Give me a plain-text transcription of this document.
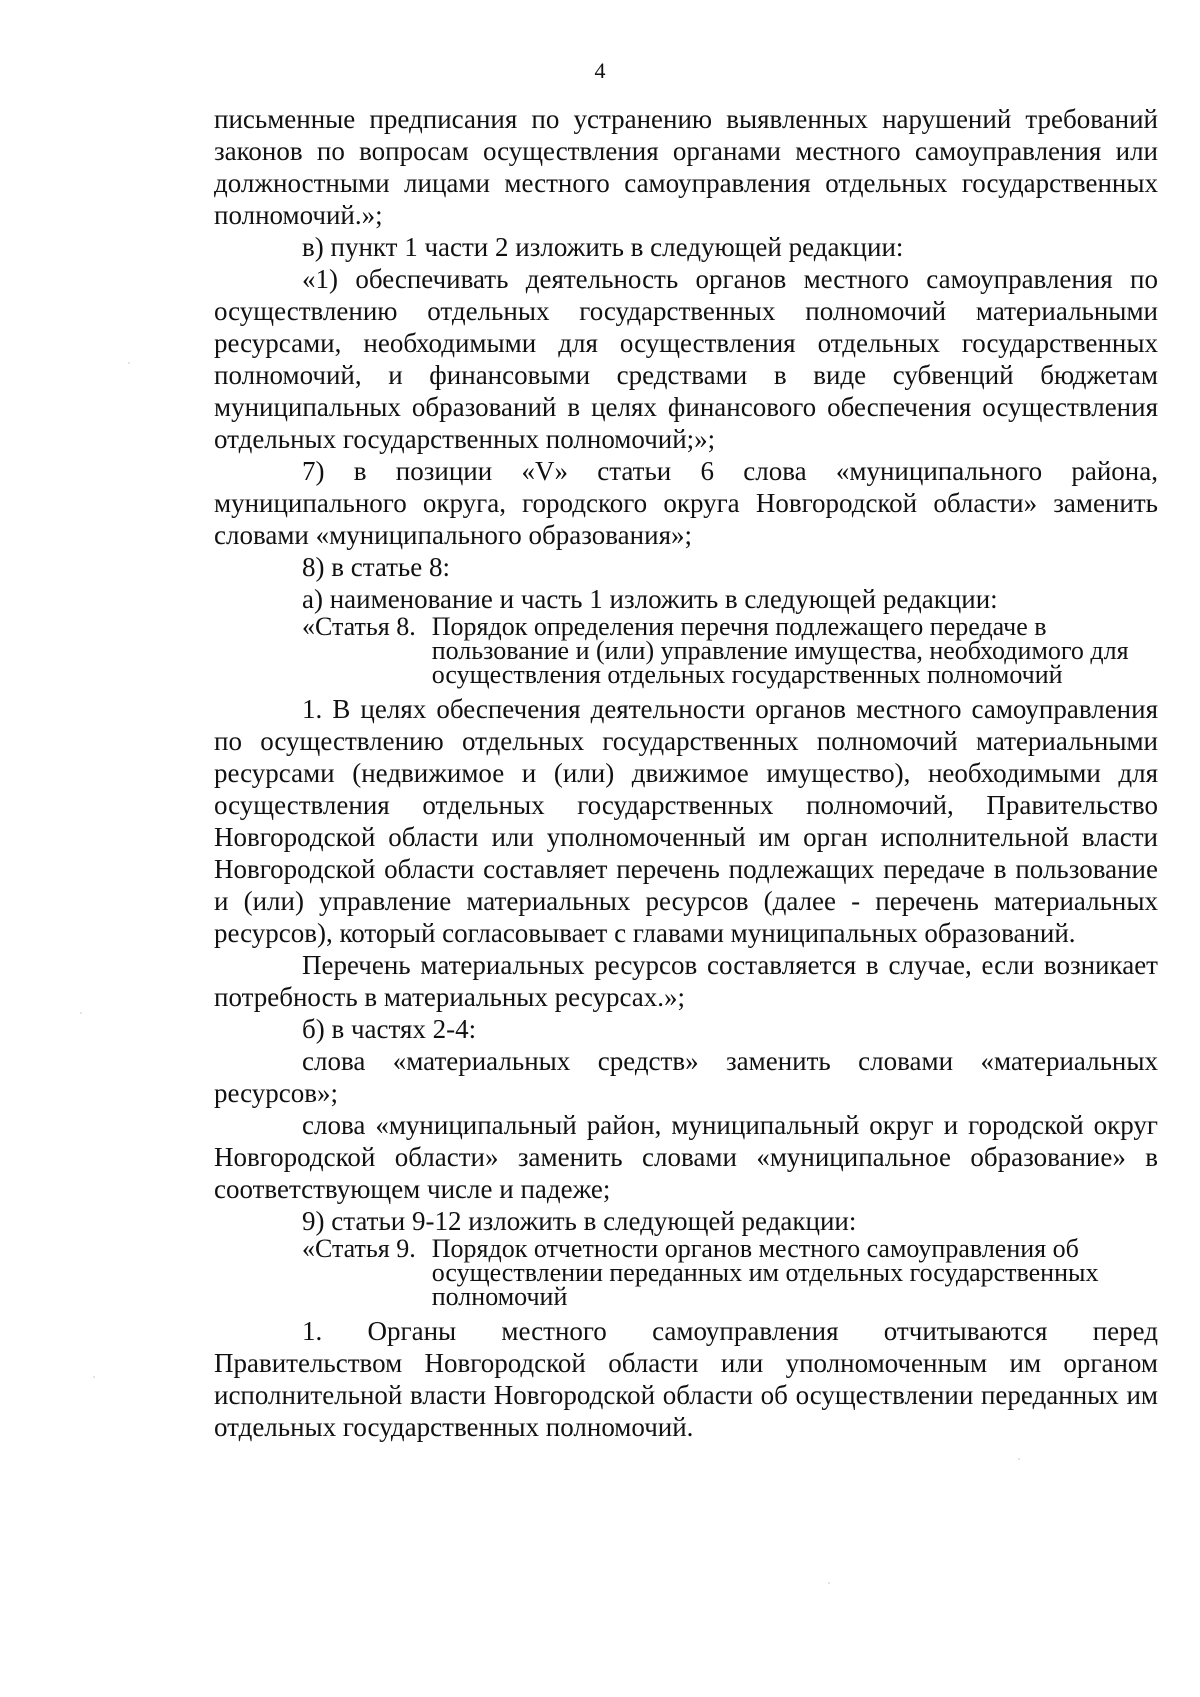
4

письменные предписания по устранению выявленных нарушений требований законов по вопросам осуществления органами местного самоуправления или должностными лицами местного самоуправления отдельных государственных полномочий.»;

в) пункт 1 части 2 изложить в следующей редакции:

«1) обеспечивать деятельность органов местного самоуправления по осуществлению отдельных государственных полномочий материальными ресурсами, необходимыми для осуществления отдельных государственных полномочий, и финансовыми средствами в виде субвенций бюджетам муниципальных образований в целях финансового обеспечения осуществления отдельных государственных полномочий;»;

7) в позиции «V» статьи 6 слова «муниципального района, муниципального округа, городского округа Новгородской области» заменить словами «муниципального образования»;

8) в статье 8:

а) наименование и часть 1 изложить в следующей редакции:

«Статья 8. Порядок определения перечня подлежащего передаче в пользование и (или) управление имущества, необходимого для осуществления отдельных государственных полномочий

1. В целях обеспечения деятельности органов местного самоуправления по осуществлению отдельных государственных полномочий материальными ресурсами (недвижимое и (или) движимое имущество), необходимыми для осуществления отдельных государственных полномочий, Правительство Новгородской области или уполномоченный им орган исполнительной власти Новгородской области составляет перечень подлежащих передаче в пользование и (или) управление материальных ресурсов (далее - перечень материальных ресурсов), который согласовывает с главами муниципальных образований.

Перечень материальных ресурсов составляется в случае, если возникает потребность в материальных ресурсах.»;

б) в частях 2-4:

слова «материальных средств» заменить словами «материальных ресурсов»;

слова «муниципальный район, муниципальный округ и городской округ Новгородской области» заменить словами «муниципальное образование» в соответствующем числе и падеже;

9) статьи 9-12 изложить в следующей редакции:

«Статья 9. Порядок отчетности органов местного самоуправления об осуществлении переданных им отдельных государственных полномочий

1. Органы местного самоуправления отчитываются перед Правительством Новгородской области или уполномоченным им органом исполнительной власти Новгородской области об осуществлении переданных им отдельных государственных полномочий.
